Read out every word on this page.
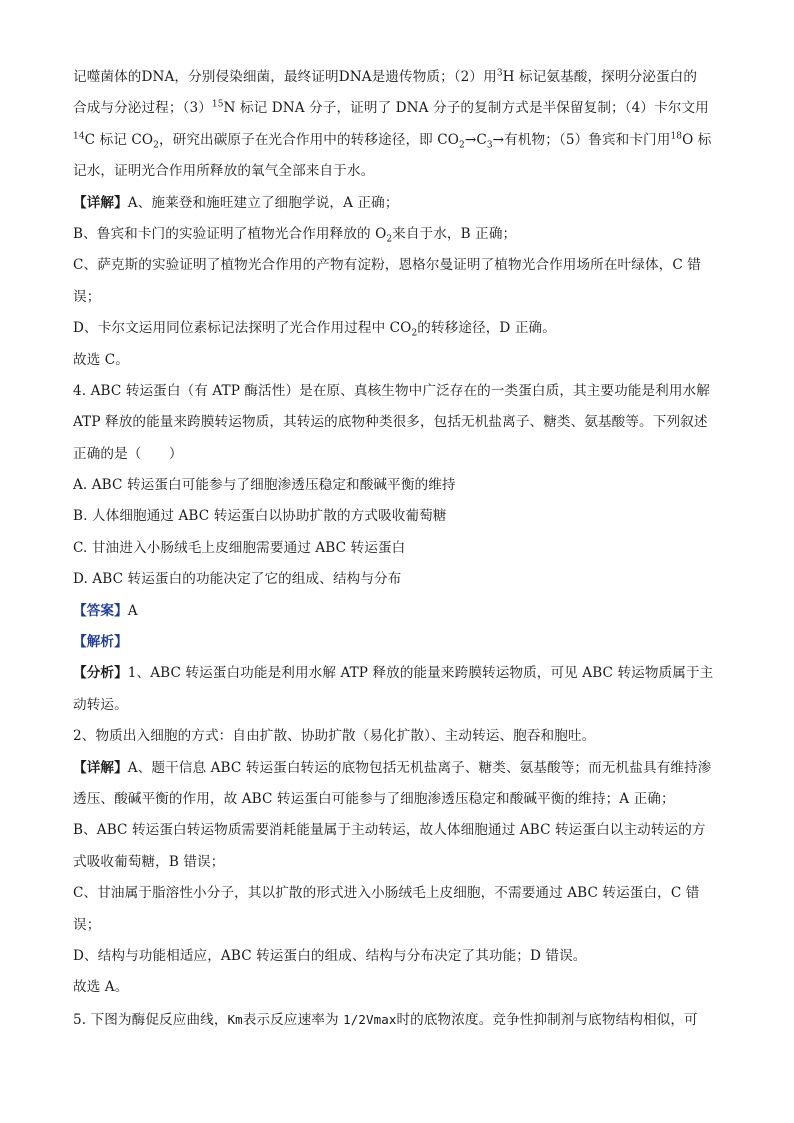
记噬菌体的DNA，分别侵染细菌，最终证明DNA是遗传物质；（2）用$^3$H 标记氨基酸，探明分泌蛋白的
合成与分泌过程；$(3)^{15}N$ 标记 DNA 分子，证明了 DNA 分子的复制方式是半保留复制；（4）卡尔文用
$^{14}$C 标记 $CO_2$，研究出碳原子在光合作用中的转移途径，即 $CO_2\to C_3\to$有机物；（5）鲁宾和卡门用$^{18}$O 标
记水，证明光合作用所释放的氧气全部来自于水。
【详解】A、施莱登和施旺建立了细胞学说，A 正确；
B、鲁宾和卡门的实验证明了植物光合作用释放的 $O_2$来自于水，B 正确；
C、萨克斯的实验证明了植物光合作用的产物有淀粉，恩格尔曼证明了植物光合作用场所在叶绿体，C 错
误；
D、卡尔文运用同位素标记法探明了光合作用过程中 $CO_2$的转移途径，D 正确。
故选 C。
4. ABC 转运蛋白（有 ATP 酶活性）是在原、真核生物中广泛存在的一类蛋白质，其主要功能是利用水解
ATP 释放的能量来跨膜转运物质，其转运的底物种类很多，包括无机盐离子、糖类、氨基酸等。下列叙述
正确的是（　　）
A. ABC 转运蛋白可能参与了细胞渗透压稳定和酸碱平衡的维持
B. 人体细胞通过 ABC 转运蛋白以协助扩散的方式吸收葡萄糖
C. 甘油进入小肠绒毛上皮细胞需要通过 ABC 转运蛋白
D. ABC 转运蛋白的功能决定了它的组成、结构与分布
【答案】A
【解析】
【分析】1、ABC 转运蛋白功能是利用水解 ATP 释放的能量来跨膜转运物质，可见 ABC 转运物质属于主
动转运。
2、物质出入细胞的方式：自由扩散、协助扩散（易化扩散）、主动转运、胞吞和胞吐。
【详解】A、题干信息 ABC 转运蛋白转运的底物包括无机盐离子、糖类、氨基酸等；而无机盐具有维持渗
透压、酸碱平衡的作用，故 ABC 转运蛋白可能参与了细胞渗透压稳定和酸碱平衡的维持；A 正确；
B、ABC 转运蛋白转运物质需要消耗能量属于主动转运，故人体细胞通过 ABC 转运蛋白以主动转运的方
式吸收葡萄糖，B 错误；
C、甘油属于脂溶性小分子，其以扩散的形式进入小肠绒毛上皮细胞，不需要通过 ABC 转运蛋白，C 错
误；
D、结构与功能相适应，ABC 转运蛋白的组成、结构与分布决定了其功能；D 错误。
故选 A。
5. 下图为酶促反应曲线，Km表示反应速率为 1/2Vmax时的底物浓度。竞争性抑制剂与底物结构相似，可
